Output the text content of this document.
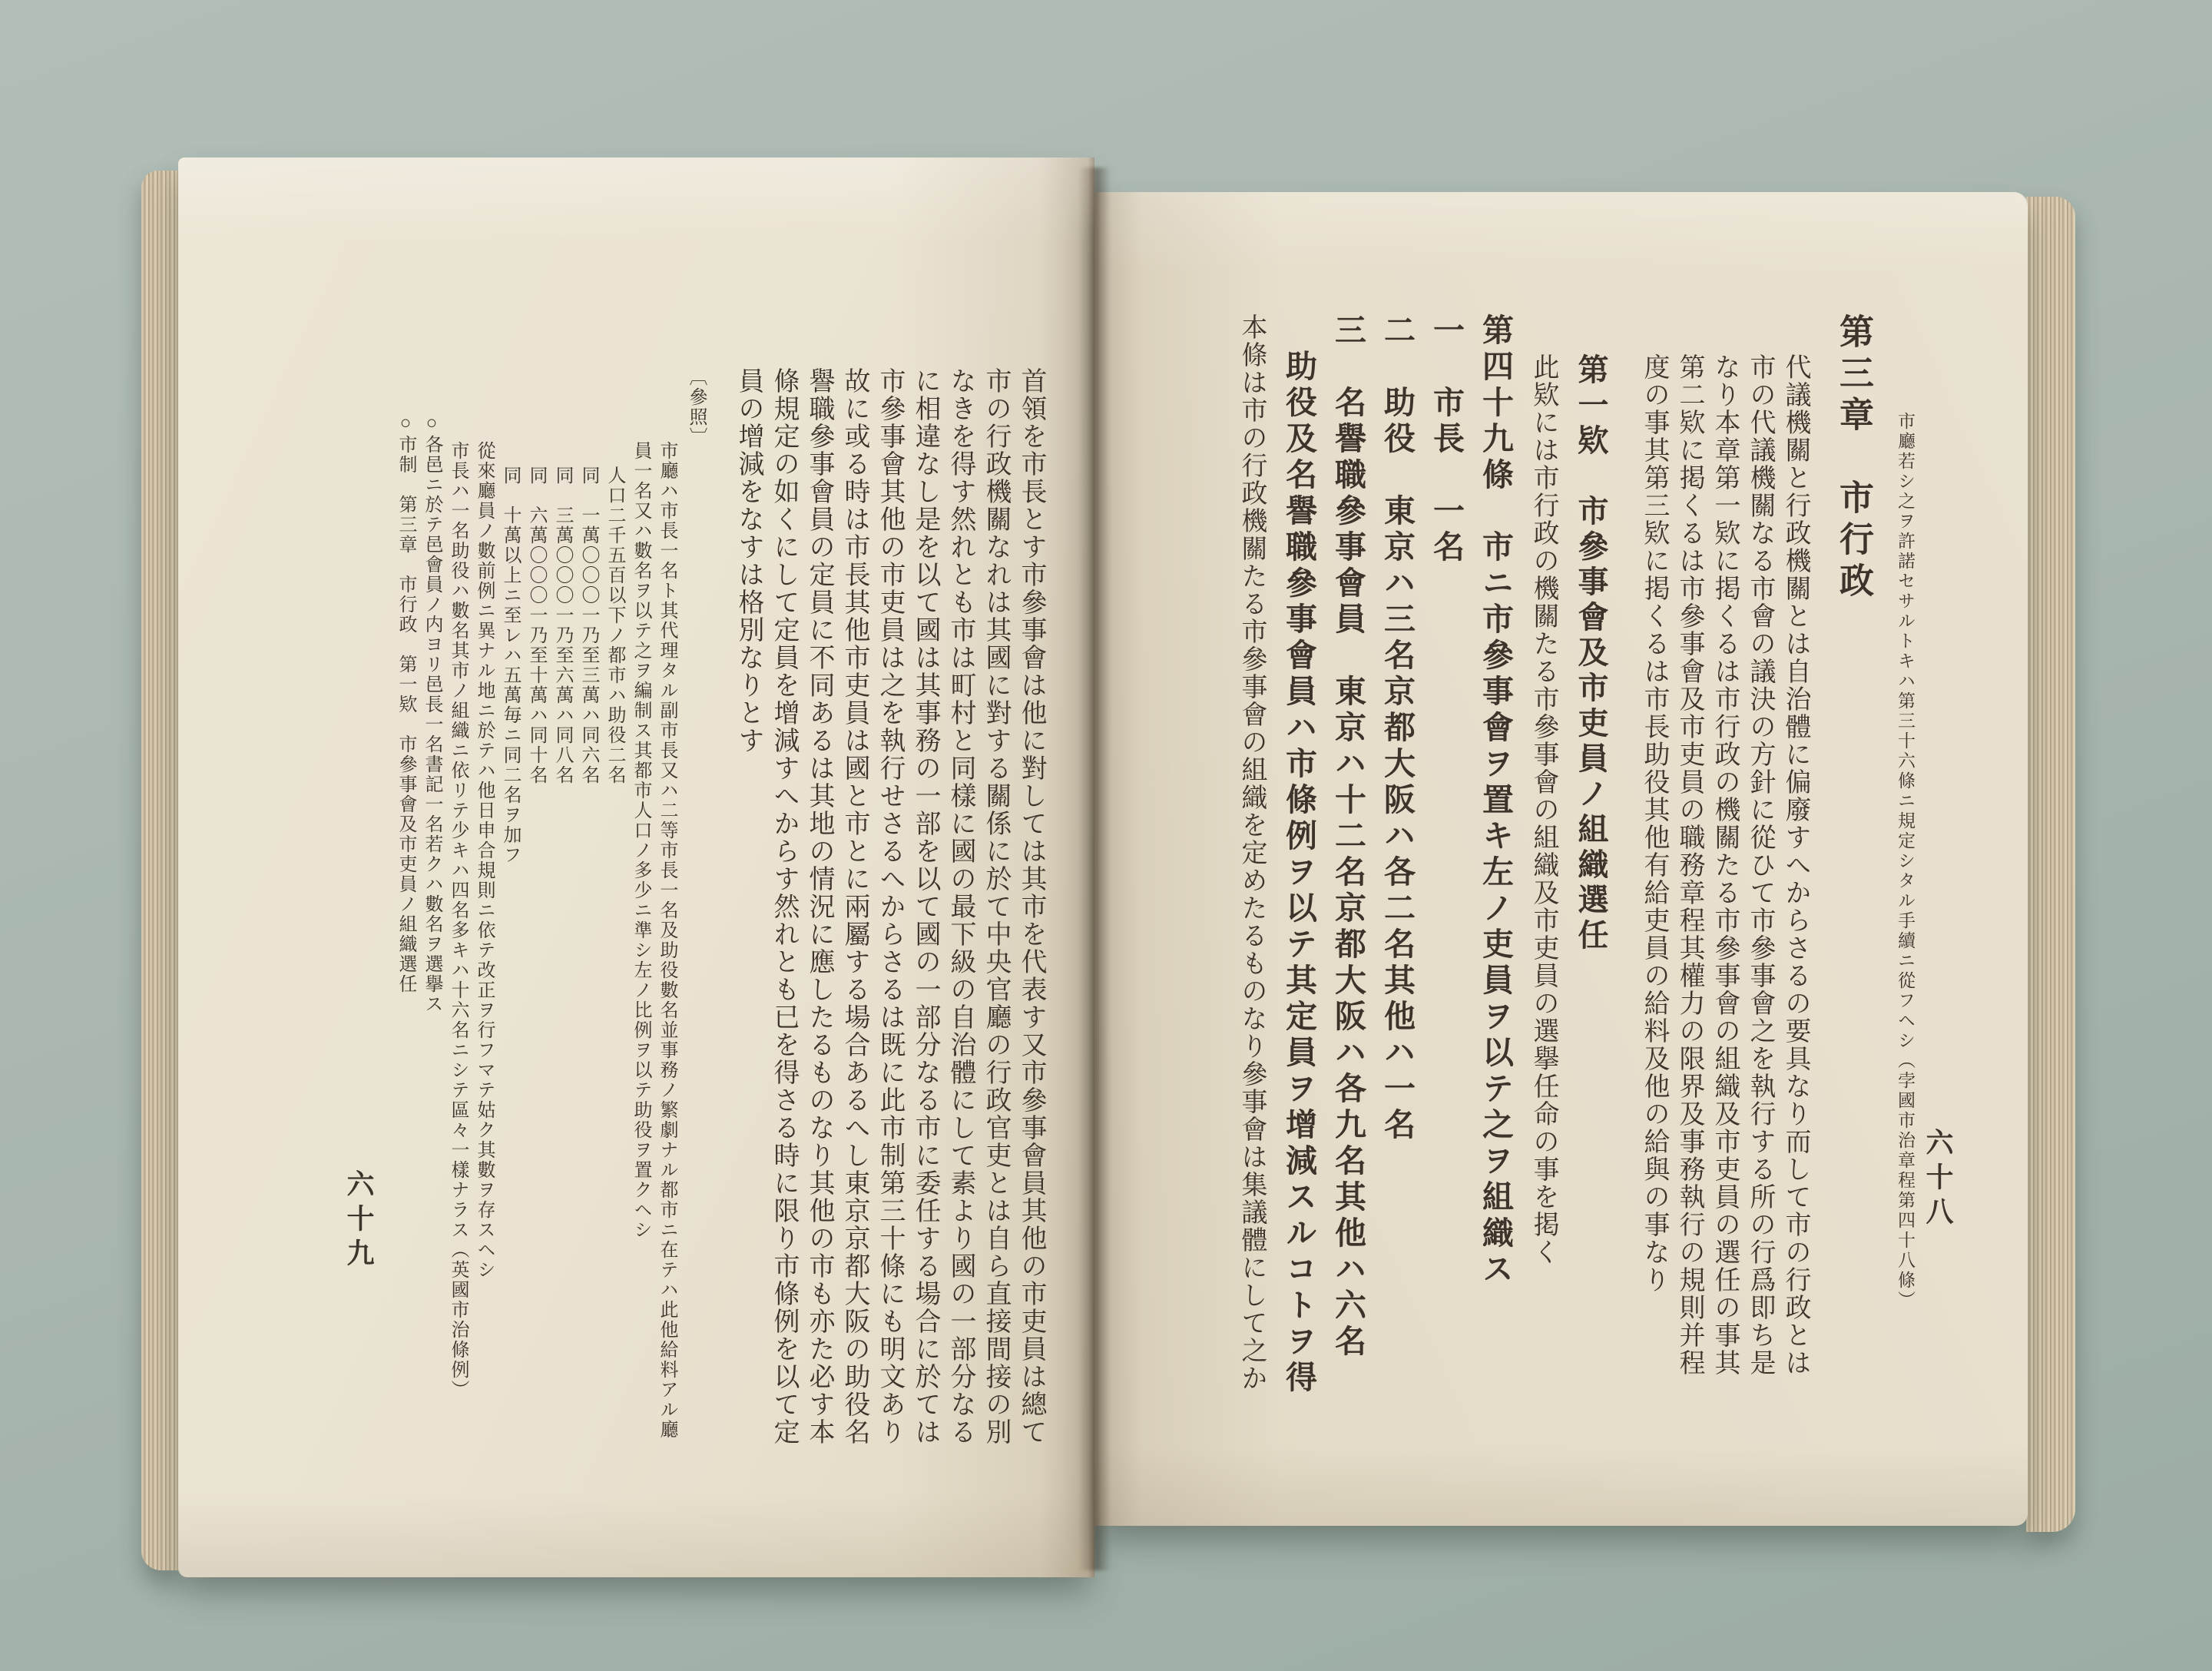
首領を市長とす市參事會は他に對しては其市を代表す又市參事會員其他の市吏員は總て
市の行政機關なれは其國に對する關係に於て中央官廳の行政官吏とは自ら直接間接の別
なきを得す然れとも市は町村と同樣に國の最下級の自治體にして素より國の一部分なる
に相違なし是を以て國は其事務の一部を以て國の一部分なる市に委任する場合に於ては
市參事會其他の市吏員は之を執行せさるへからさるは既に此市制第三十條にも明文あり
故に或る時は市長其他市吏員は國と市とに兩屬する場合あるへし東京京都大阪の助役名
譽職參事會員の定員に不同あるは其地の情況に應したるものなり其他の市も亦た必す本
條規定の如くにして定員を增減すへからす然れとも已を得さる時に限り市條例を以て定
員の增減をなすは格別なりとす
〔參照〕
市廳ハ市長一名ト其代理タル副市長又ハ二等市長一名及助役數名並事務ノ繁劇ナル都市ニ在テハ此他給料アル廳
員一名又ハ數名ヲ以テ之ヲ編制ス其都市人口ノ多少ニ準シ左ノ比例ヲ以テ助役ヲ置クヘシ
人口二千五百以下ノ都市ハ助役二名
同　一萬〇〇〇一乃至三萬ハ同六名
同　三萬〇〇〇一乃至六萬ハ同八名
同　六萬〇〇〇一乃至十萬ハ同十名
同　十萬以上ニ至レハ五萬毎ニ同二名ヲ加フ
從來廳員ノ數前例ニ異ナル地ニ於テハ他日申合規則ニ依テ改正ヲ行フマテ姑ク其數ヲ存スヘシ
市長ハ一名助役ハ數名其市ノ組織ニ依リテ少キハ四名多キハ十六名ニシテ區々一樣ナラス（英國市治條例）
○各邑ニ於テ邑會員ノ内ヨリ邑長一名書記一名若クハ數名ヲ選擧ス
○市制　第三章　市行政　第一欵　市參事會及市吏員ノ組織選任
六十九	市廳若シ之ヲ許諾セサルトキハ第三十六條ニ規定シタル手續ニ從フヘシ（孛國市治章程第四十八條）
第三章　市行政
代議機關と行政機關とは自治體に偏廢すへからさるの要具なり而して市の行政とは
市の代議機關なる市會の議決の方針に從ひて市參事會之を執行する所の行爲即ち是
なり本章第一欵に掲くるは市行政の機關たる市參事會の組織及市吏員の選任の事其
第二欵に掲くるは市參事會及市吏員の職務章程其權力の限界及事務執行の規則并程
度の事其第三欵に掲くるは市長助役其他有給吏員の給料及他の給與の事なり
第一欵　市參事會及市吏員ノ組織選任
此欵には市行政の機關たる市參事會の組織及市吏員の選擧任命の事を掲く
第四十九條　市ニ市參事會ヲ置キ左ノ吏員ヲ以テ之ヲ組織ス
一　市長　一名
二　助役　東京ハ三名京都大阪ハ各二名其他ハ一名
三　名譽職參事會員　東京ハ十二名京都大阪ハ各九名其他ハ六名
助役及名譽職參事會員ハ市條例ヲ以テ其定員ヲ增減スルコトヲ得
本條は市の行政機關たる市參事會の組織を定めたるものなり參事會は集議體にして之か	六十八
